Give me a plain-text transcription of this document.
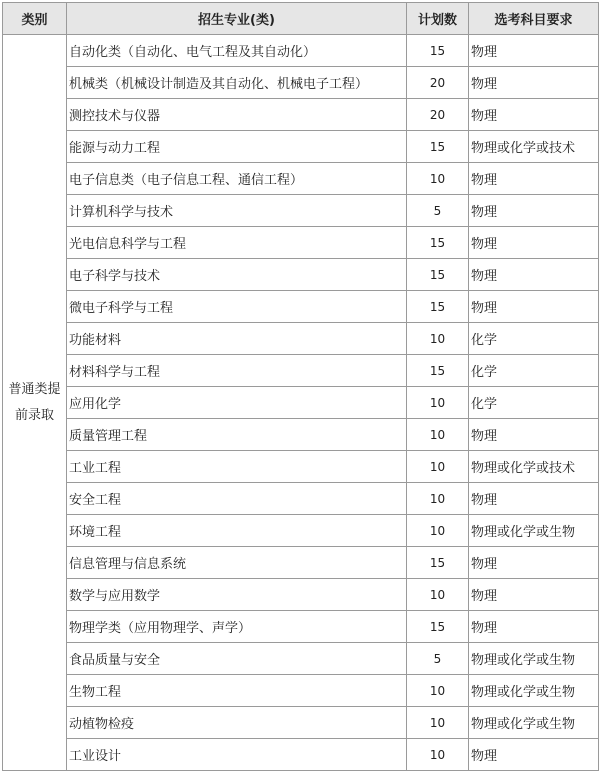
类别	招生专业(类)	计划数	选考科目要求

普通类提
前录取	自动化类（自动化、电气工程及其自动化）	15	物理
	机械类（机械设计制造及其自动化、机械电子工程）	20	物理
	测控技术与仪器	20	物理
	能源与动力工程	15	物理或化学或技术
	电子信息类（电子信息工程、通信工程）	10	物理
	计算机科学与技术	5	物理
	光电信息科学与工程	15	物理
	电子科学与技术	15	物理
	微电子科学与工程	15	物理
	功能材料	10	化学
	材料科学与工程	15	化学
	应用化学	10	化学
	质量管理工程	10	物理
	工业工程	10	物理或化学或技术
	安全工程	10	物理
	环境工程	10	物理或化学或生物
	信息管理与信息系统	15	物理
	数学与应用数学	10	物理
	物理学类（应用物理学、声学）	15	物理
	食品质量与安全	5	物理或化学或生物
	生物工程	10	物理或化学或生物
	动植物检疫	10	物理或化学或生物
	工业设计	10	物理
